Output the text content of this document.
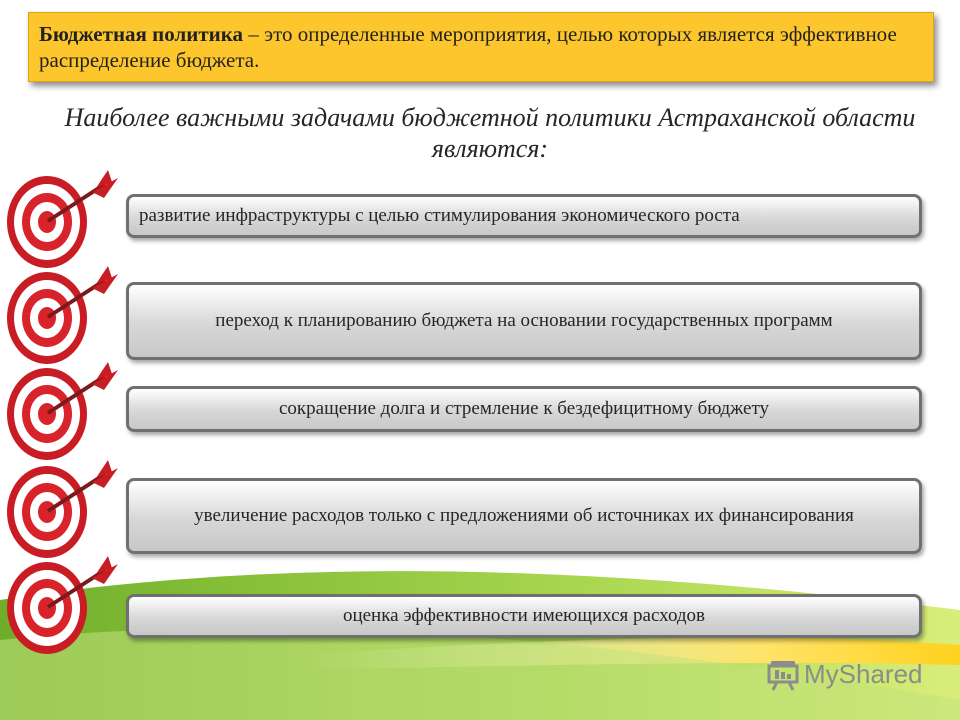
Бюджетная политика – это определенные мероприятия, целью которых является эффективное распределение бюджета.
Наиболее важными задачами бюджетной политики Астраханской области являются:
развитие инфраструктуры с целью стимулирования экономического роста
переход к планированию бюджета на основании государственных программ
сокращение долга и стремление к бездефицитному бюджету
увеличение расходов только с предложениями об источниках их финансирования
оценка эффективности имеющихся расходов
MyShared
